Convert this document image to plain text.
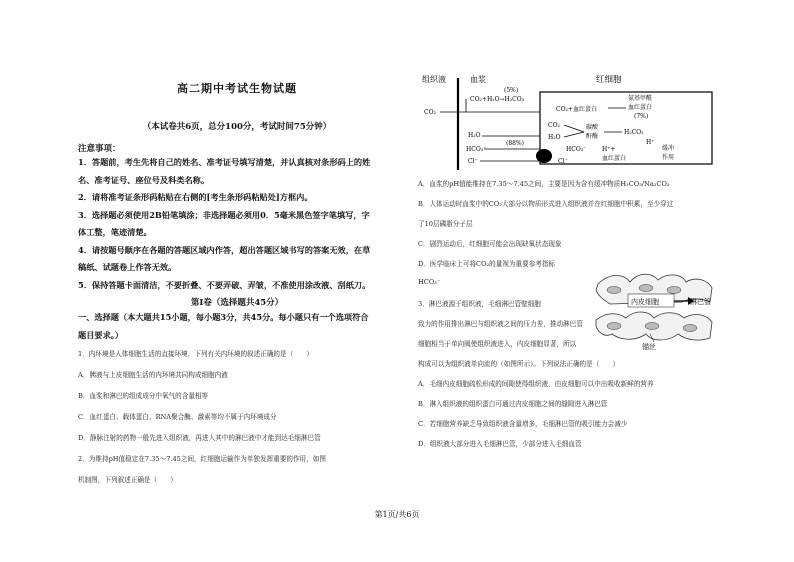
高二期中考试生物试题
（本试卷共6页，总分100分，考试时间75分钟）
注意事项：
1．答题前，考生先将自己的姓名、准考证号填写清楚，并认真核对条形码上的姓
名、准考证号、座位号及科类名称。
2．请将准考证条形码粘贴在右侧的[考生条形码粘贴处]方框内。
3．选择题必须使用2B铅笔填涂；非选择题必须用0．5毫米黑色签字笔填写，字
体工整，笔迹清楚。
4．请按题号顺序在各题的答题区域内作答，超出答题区域书写的答案无效，在草
稿纸、试题卷上作答无效。
5．保持答题卡面清洁，不要折叠、不要弄破、弄皱，不准使用涂改液、刮纸刀。
第Ⅰ卷（选择题共45分）
一、选择题（本大题共15小题，每小题3分，共45分。每小题只有一个选项符合
题目要求。）
1．内环境是人体细胞生活的直接环境，下列有关内环境的叙述正确的是（　　）
A．胰液与上皮细胞生活的内环境共同构成细胞内液
B．血浆和淋巴的组成成分中氧气的含量相等
C．血红蛋白、载体蛋白、RNA聚合酶、激素等均不属于内环境成分
D．静脉注射的药物一般先进入组织液，再进入其中的淋巴液中才能到达毛细淋巴管
2．为维持pH值稳定在7.35～7.45之间，红细胞运输作为单独发挥重要的作用，如图
机制图，下列叙述正确是（　　）
组织液	血浆	红细胞
(5%)
CO₂+H₂O→H₂CO₃
CO₂	CO₂+血红蛋白
氨基甲酰
血红蛋白
(7%)
CO₂
H₂O
碳酸
酐酶
H₂CO₃
H⁺
H₂O
(88%)
HCO₃⁻
Cl⁻
HCO₃⁻	H⁺+
血红蛋白
缓冲
作用
Cl⁻
A．血浆的pH值能维持在7.35～7.45之间，主要是因为含有缓冲物质H₂CO₃/Na₂CO₃
B．人体运动时血浆中的CO₂大部分以物质形式进入组织液并在红细胞中积累，至少穿过
了10层磷脂分子层
C．剧烈运动后，红细胞可能会出现缺氧状态现象
D．医学临床上可将CO₂的量视为重要参考指标
HCO₃⁻
3．淋巴液源于组织液，毛细淋巴管壁细胞
致力的作用排出淋巴与组织液之间的压力差，推动淋巴管
细胞相当于单向阀使组织液进入，内皮细胞显著，所以
构成可以为组织液单向流的（如图所示）。下列说法正确的是（　　）
A．毛细内皮细胞疏松形成的间隙使得组织液，由皮细胞可以中出吸收新鲜的营养
B．淋入组织液的组织蛋白可通过内皮细胞之间的缝隙进入淋巴管
C．若细胞营养缺乏导致组织液含量增多，毛细淋巴管的吸引能力会减少
D．组织液大部分进入毛细淋巴管，少部分进入毛细血管
内皮细胞	淋巴管
锚丝
第1页/共6页
